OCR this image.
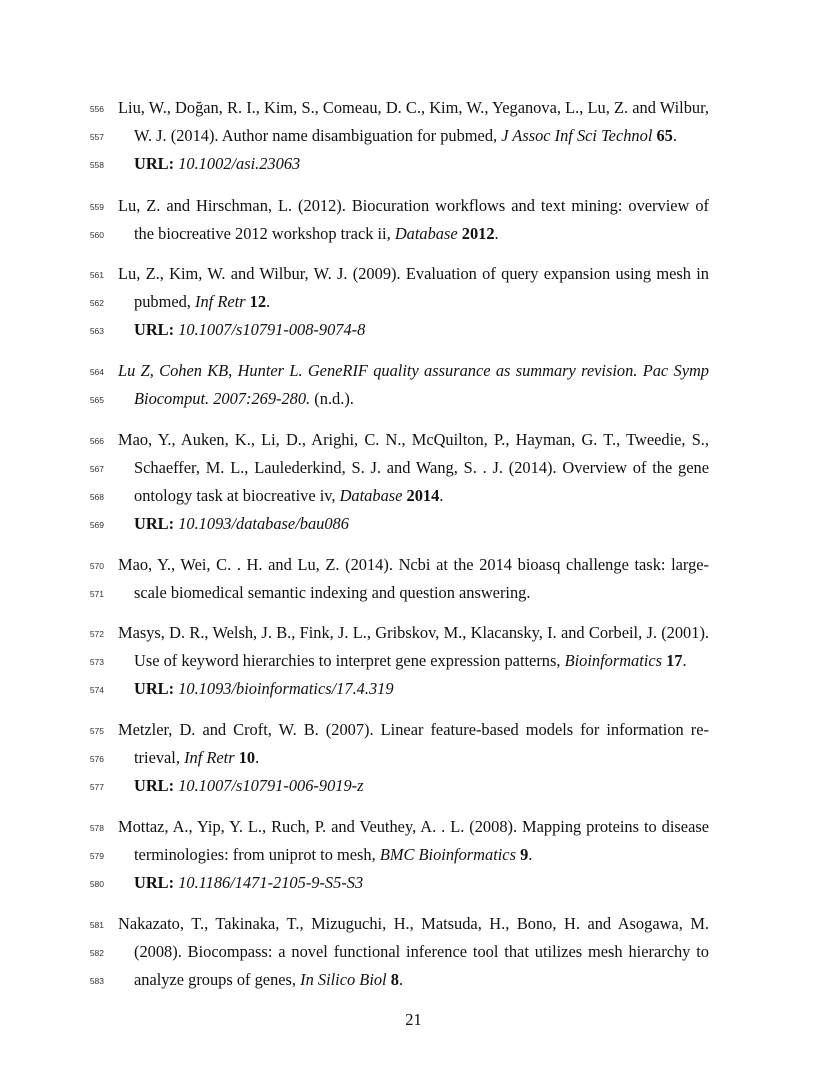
556 Liu, W., Doğan, R. I., Kim, S., Comeau, D. C., Kim, W., Yeganova, L., Lu, Z. and Wilbur,
557 W. J. (2014). Author name disambiguation for pubmed, J Assoc Inf Sci Technol 65.
558 URL: 10.1002/asi.23063
559 Lu, Z. and Hirschman, L. (2012). Biocuration workflows and text mining: overview of
560 the biocreative 2012 workshop track ii, Database 2012.
561 Lu, Z., Kim, W. and Wilbur, W. J. (2009). Evaluation of query expansion using mesh in
562 pubmed, Inf Retr 12.
563 URL: 10.1007/s10791-008-9074-8
564 Lu Z, Cohen KB, Hunter L. GeneRIF quality assurance as summary revision. Pac Symp
565 Biocomput. 2007:269-280. (n.d.).
566 Mao, Y., Auken, K., Li, D., Arighi, C. N., McQuilton, P., Hayman, G. T., Tweedie, S.,
567 Schaeffer, M. L., Laulederkind, S. J. and Wang, S. . J. (2014). Overview of the gene
568 ontology task at biocreative iv, Database 2014.
569 URL: 10.1093/database/bau086
570 Mao, Y., Wei, C. . H. and Lu, Z. (2014). Ncbi at the 2014 bioasq challenge task: large-
571 scale biomedical semantic indexing and question answering.
572 Masys, D. R., Welsh, J. B., Fink, J. L., Gribskov, M., Klacansky, I. and Corbeil, J. (2001).
573 Use of keyword hierarchies to interpret gene expression patterns, Bioinformatics 17.
574 URL: 10.1093/bioinformatics/17.4.319
575 Metzler, D. and Croft, W. B. (2007). Linear feature-based models for information re-
576 trieval, Inf Retr 10.
577 URL: 10.1007/s10791-006-9019-z
578 Mottaz, A., Yip, Y. L., Ruch, P. and Veuthey, A. . L. (2008). Mapping proteins to disease
579 terminologies: from uniprot to mesh, BMC Bioinformatics 9.
580 URL: 10.1186/1471-2105-9-S5-S3
581 Nakazato, T., Takinaka, T., Mizuguchi, H., Matsuda, H., Bono, H. and Asogawa, M.
582 (2008). Biocompass: a novel functional inference tool that utilizes mesh hierarchy to
583 analyze groups of genes, In Silico Biol 8.
21
